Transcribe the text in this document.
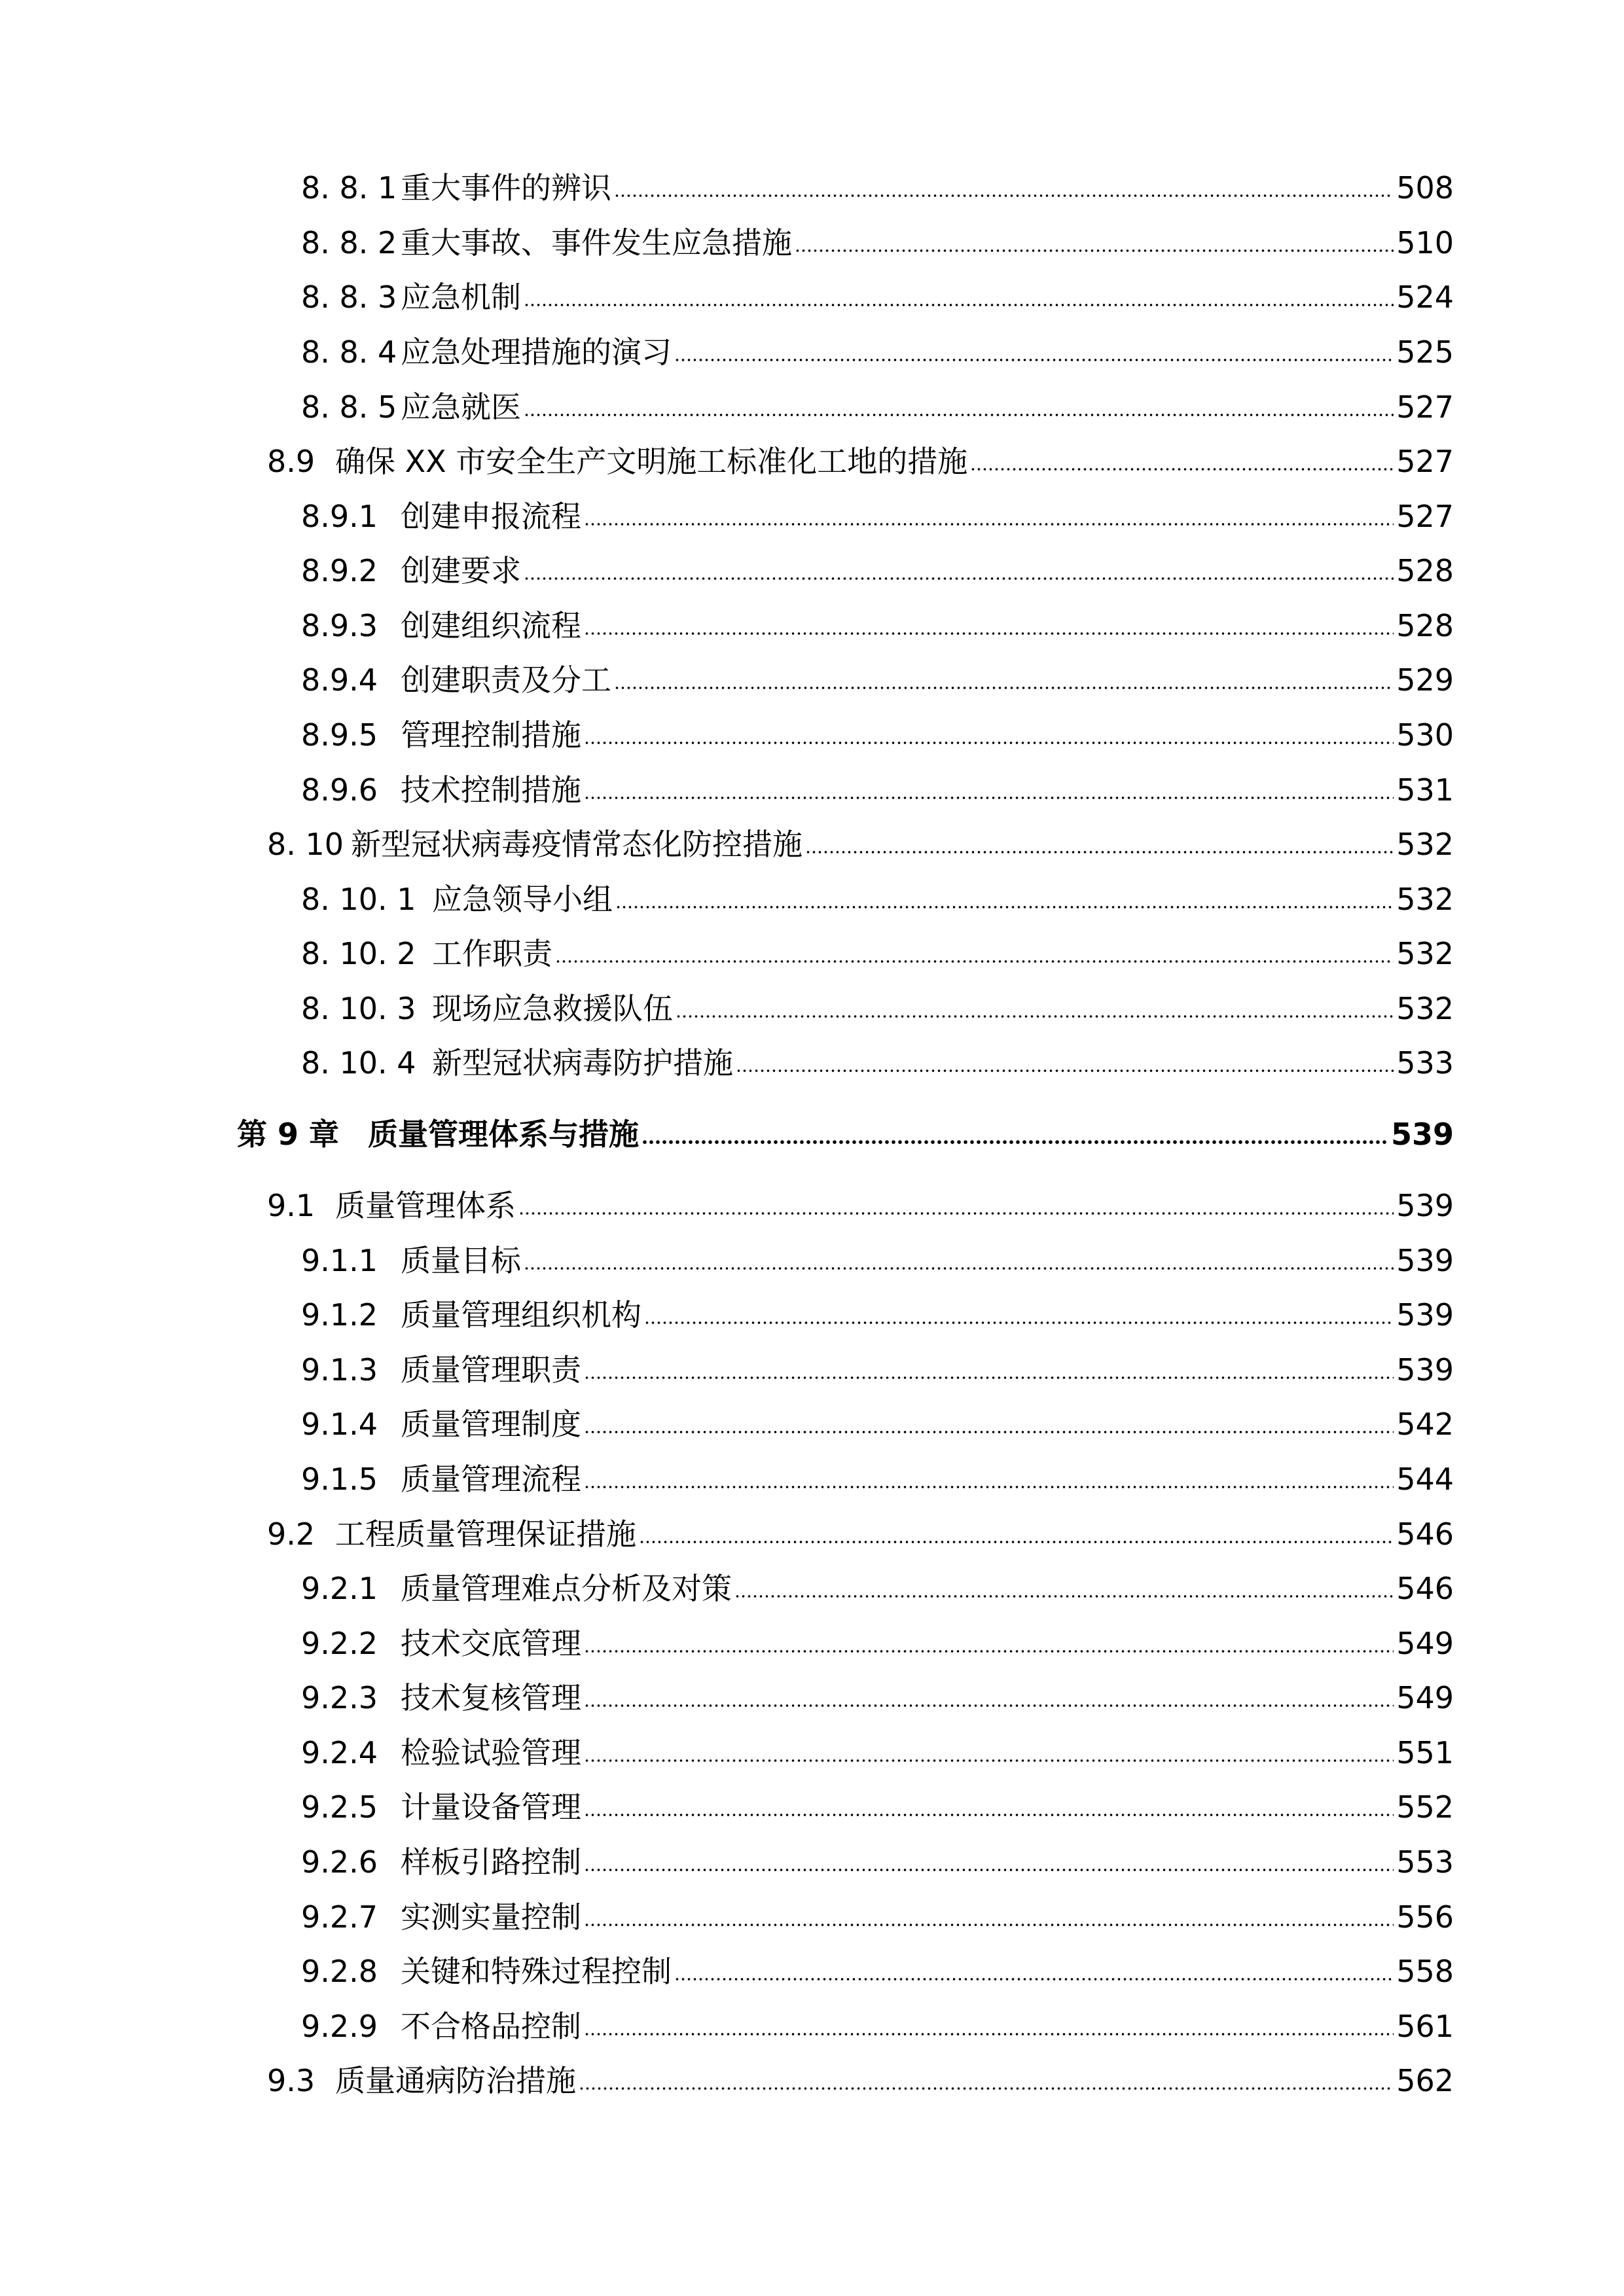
8. 8. 1 重大事件的辨识	508
8. 8. 2 重大事故、事件发生应急措施	510
8. 8. 3 应急机制	524
8. 8. 4 应急处理措施的演习	525
8. 8. 5 应急就医	527
8.9 确保 XX 市安全生产文明施工标准化工地的措施	527
8.9.1 创建申报流程	527
8.9.2 创建要求	528
8.9.3 创建组织流程	528
8.9.4 创建职责及分工	529
8.9.5 管理控制措施	530
8.9.6 技术控制措施	531
8. 10 新型冠状病毒疫情常态化防控措施	532
8. 10. 1 应急领导小组	532
8. 10. 2 工作职责	532
8. 10. 3 现场应急救援队伍	532
8. 10. 4 新型冠状病毒防护措施	533
第 9 章 质量管理体系与措施	539
9.1 质量管理体系	539
9.1.1 质量目标	539
9.1.2 质量管理组织机构	539
9.1.3 质量管理职责	539
9.1.4 质量管理制度	542
9.1.5 质量管理流程	544
9.2 工程质量管理保证措施	546
9.2.1 质量管理难点分析及对策	546
9.2.2 技术交底管理	549
9.2.3 技术复核管理	549
9.2.4 检验试验管理	551
9.2.5 计量设备管理	552
9.2.6 样板引路控制	553
9.2.7 实测实量控制	556
9.2.8 关键和特殊过程控制	558
9.2.9 不合格品控制	561
9.3 质量通病防治措施	562
